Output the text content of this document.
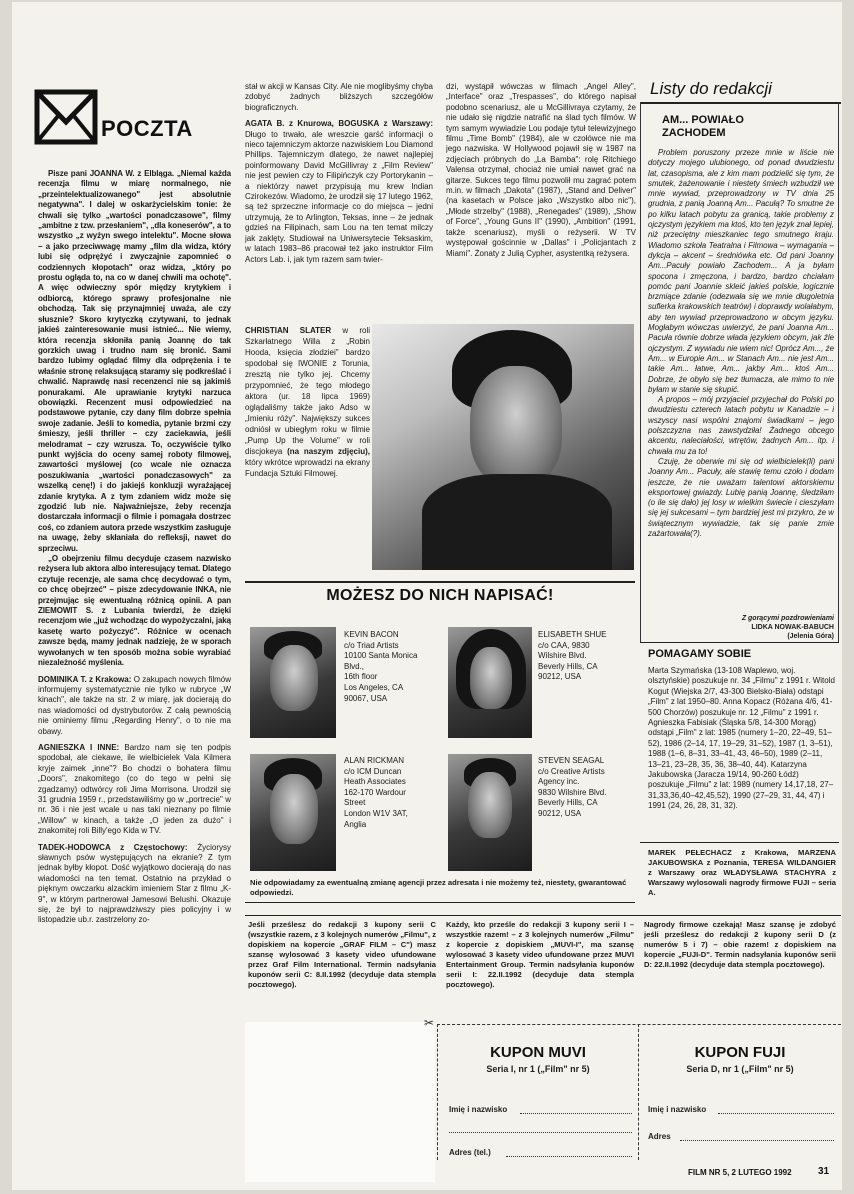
POCZTA
Pisze pani JOANNA W. z Elbląga. „Niemal każda recenzja filmu w miarę normalnego, nie „przeintelektualizowanego" jest absolutnie negatywna". I dalej w oskarżycielskim tonie: że chwali się tylko „wartości ponadczasowe", filmy „ambitne z tzw. przesłaniem", „dla koneserów", a to wszystko „z wyżyn swego intelektu". Mocne słowa – a jako przeciwwagę mamy „film dla widza, który lubi się odprężyć i zwyczajnie zapomnieć o codziennych kłopotach" oraz widza, „który po prostu ogląda to, na co w danej chwili ma ochotę". A więc odwieczny spór między krytykiem i odbiorcą, którego sprawy profesjonalne nie obchodzą. Tak się przynajmniej uważa, ale czy słusznie? Skoro krytyczką czytywani, to jednak jakieś zainteresowanie musi istnieć... Nie wiemy, która recenzja skłoniła panią Joannę do tak gorzkich uwag i trudno nam się bronić. Sami bardzo lubimy oglądać filmy dla odprężenia i te właśnie stronę relaksującą staramy się podkreślać i chwalić. Naprawdę nasi recenzenci nie są jakimiś ponurakami. Ale uprawianie krytyki narzuca obowiązki. Recenzent musi odpowiedzieć na podstawowe pytanie, czy dany film dobrze spełnia swoje zadanie. Jeśli to komedia, pytanie brzmi czy śmieszy, jeśli thriller – czy zaciekawia, jeśli melodramat – czy wzrusza. To, oczywiście tylko punkt wyjścia do oceny samej roboty filmowej, zawartości myślowej (co wcale nie oznacza poszukiwania „wartości ponadczasowych" za wszelką cenę!) i do jakiejś konkluzji wyrażającej zdanie krytyka. A z tym zdaniem widz może się zgodzić lub nie. Najważniejsze, żeby recenzja dostarczała informacji o filmie i pomagała dostrzec coś, co zdaniem autora przede wszystkim zasługuje na uwagę, żeby skłaniała do refleksji, nawet do sprzeciwu.
„O obejrzeniu filmu decyduje czasem nazwisko reżysera lub aktora albo interesujący temat. Dlatego czytuje recenzje, ale sama chcę decydować o tym, co chcę obejrzeć" – pisze zdecydowanie INKA, nie przejmując się ewentualną różnicą opinii. A pan ZIEMOWIT S. z Lubania twierdzi, że dzięki recenzjom wie „już wchodząc do wypożyczalni, jaką kasetę warto pożyczyć". Różnice w ocenach zawsze będą, mamy jednak nadzieję, że w sporach wywołanych w ten sposób można sobie wyrabiać niezależność myślenia.
DOMINIKA T. z Krakowa: O zakupach nowych filmów informujemy systematycznie nie tylko w rubryce „W kinach", ale także na str. 2 w miarę, jak docierają do nas wiadomości od dystrybutorów. Z całą pewnością nie ominiemy filmu „Regarding Henry", o to nie ma obawy.
AGNIESZKA I INNE: Bardzo nam się ten podpis spodobał, ale ciekawe, ile wielbicielek Vala Kilmera kryje zaimek „inne"? Bo chodzi o bohatera filmu „Doors", znakomitego (co do tego w pełni się zgadzamy) odtwórcy roli Jima Morrisona. Urodził się 31 grudnia 1959 r., przedstawiliśmy go w „portrecie" w nr. 36 i nie jest wcale u nas taki nieznany po filmie „Willow" w kinach, a także „O jeden za dużo" i znakomitej roli Billy'ego Kida w TV.
TADEK-HODOWCA z Częstochowy: Życiorysy sławnych psów występujących na ekranie? Z tym jednak byłby kłopot. Dość wyjątkowo docierają do nas wiadomości na ten temat. Ostatnio na przykład o pięknym owczarku alzackim imieniem Star z filmu „K-9", w którym partnerował Jamesowi Belushi. Okazuje się, że był to najprawdziwszy pies policyjny i w listopadzie ub.r. zastrzelony zo-
stał w akcji w Kansas City. Ale nie moglibyśmy chyba zdobyć żadnych bliższych szczegółów biograficznych.
AGATA B. z Knurowa, BOGUSKA z Warszawy: Długo to trwało, ale wreszcie garść informacji o nieco tajemniczym aktorze nazwiskiem Lou Diamond Phillips. Tajemniczym dlatego, że nawet najlepiej poinformowany David McGillivray z „Film Review" nie jest pewien czy to Filipińczyk czy Portorykanin – a niektórzy nawet przypisują mu krew Indian Czirokezów. Wiadomo, że urodził się 17 lutego 1962, są też sprzeczne informacje co do miejsca – jedni utrzymują, że to Arlington, Teksas, inne – że jednak gdzieś na Filipinach, sam Lou na ten temat milczy jak zaklęty. Studiował na Uniwersytecie Teksaskim, w latach 1983–86 pracował też jako instruktor Film Actors Lab. i, jak tym razem sam twier-
dzi, wystąpił wówczas w filmach „Angel Alley", „Interface" oraz „Trespasses", do którego napisał podobno scenariusz, ale u McGillivraya czytamy, że nie udało się nigdzie natrafić na ślad tych filmów. W tym samym wywiadzie Lou podaje tytuł telewizyjnego filmu „Time Bomb" (1984), ale w czołówce nie ma jego nazwiska. W Hollywood pojawił się w 1987 na zdjęciach próbnych do „La Bamba": rolę Ritchiego Valensa otrzymał, chociaż nie umiał nawet grać na gitarze. Sukces tego filmu pozwolił mu zagrać potem m.in. w filmach „Dakota" (1987), „Stand and Deliver" (na kasetach w Polsce jako „Wszystko albo nic"), „Młode strzelby" (1988), „Renegades" (1989), „Show of Force", „Young Guns II" (1990), „Ambition" (1991, także scenariusz), myśli o reżyserii. W TV występował gościnnie w „Dallas" i „Policjantach z Miami". Żonaty z Julią Cypher, asystentką reżysera.
CHRISTIAN SLATER w roli Szkarłatnego Willa z „Robin Hooda, księcia złodziei" bardzo spodobał się IWONIE z Torunia, zresztą nie tylko jej. Chcemy przypomnieć, że tego młodego aktora (ur. 18 lipca 1969) oglądaliśmy także jako Adso w „Imieniu róży". Największy sukces odniósł w ubiegłym roku w filmie „Pump Up the Volume" w roli discjokeya (na naszym zdjęciu), który wkrótce wprowadzi na ekrany Fundacja Sztuki Filmowej.
MOŻESZ DO NICH NAPISAĆ!
KEVIN BACON
c/o Triad Artists
10100 Santa Monica
Blvd.,
16th floor
Los Angeles, CA
90067, USA
ELISABETH SHUE
c/o CAA, 9830
Wilshire Blvd.
Beverly Hills, CA
90212, USA
ALAN RICKMAN
c/o ICM Duncan
Heath Associates
162-170 Wardour
Street
London W1V 3AT,
Anglia
STEVEN SEAGAL
c/o Creative Artists
Agency inc.
9830 Wilshire Blvd.
Beverly Hills, CA
90212, USA
Nie odpowiadamy za ewentualną zmianę agencji przez adresata i nie możemy też, niestety, gwarantować odpowiedzi.
Listy do redakcji
AM... POWIAŁO ZACHODEM
Problem poruszony przeze mnie w liście nie dotyczy mojego ulubionego, od ponad dwudziestu lat, czasopisma, ale z kim mam podzielić się tym, że smutek, żażenowanie i niestety śmiech wzbudził we mnie wywiad, przeprowadzony w TV dnia 25 grudnia, z panią Joanną Am... Pacułą? To smutne że po kilku latach pobytu za granicą, takie problemy z ojczystym językiem ma ktoś, kto ten język znał lepiej, niż przeciętny mieszkaniec tego smutnego kraju. Wiadomo szkoła Teatralna i Filmowa – wymagania – dykcja – akcent – średniówka etc. Od pani Joanny Am...Pacuły powiało Zachodem... A ja byłam spocona i zmęczona, i bardzo, bardzo chciałam pomóc pani Joannie skleić jakieś polskie, logicznie brzmiące zdanie (odezwała się we mnie długoletnia suflerka krakowskich teatrów) i doprawdy wolałabym, aby ten wywiad przeprowadzono w obcym języku. Mogłabym wówczas uwierzyć, że pani Joanna Am... Pacuła równie dobrze włada językiem obcym, jak źle ojczystym. Z wywiadu nie wiem nic! Oprócz Am..., że Am... w Europie Am... w Stanach Am... nie jest Am... takie Am... łatwe, Am... jakby Am... ktoś Am... Dobrze, że obyło się bez tłumacza, ale mimo to nie byłam w stanie się skupić.
A propos – mój przyjaciel przyjechał do Polski po dwudziestu czterech latach pobytu w Kanadzie – i wszyscy nasi wspólni znajomi świadkami – jego polszczyzna nas zawstydziła! Żadnego obcego akcentu, naleciałości, wtrętów, żadnych Am... itp. i chwała mu za to!
Czuję, że oberwie mi się od wielbicielek(li) pani Joanny Am... Pacuły, ale stawię temu czoło i dodam jeszcze, że nie uważam talentowi aktorskiemu eksportowej gwiazdy. Lubię panią Joannę, śledziłam (o ile się dało) jej losy w wielkim świecie i cieszyłam się jej sukcesami – tym bardziej jest mi przykro, że w świątecznym wywiadzie, tak się panie zmie zażartowała(?).
Z gorącymi pozdrowieniami
LIDKA NOWAK-BABUCH
(Jelenia Góra)
POMAGAMY SOBIE
Marta Szymańska (13-108 Waplewo, woj. olsztyńskie) poszukuje nr. 34 „Filmu" z 1991 r. Witold Kogut (Wiejska 2/7, 43-300 Bielsko-Biała) odstąpi „Film" z lat 1950–80. Anna Kopacz (Różana 4/6, 41-500 Chorzów) poszukuje nr. 12 „Filmu" z 1991 r. Agnieszka Fabisiak (Śląska 5/8, 14-300 Morąg) odstąpi „Film" z lat: 1985 (numery 1–20, 22–49, 51–52), 1986 (2–14, 17, 19–29, 31–52), 1987 (1, 3–51), 1988 (1–6, 8–31, 33–41, 43, 46–50), 1989 (2–11, 13–21, 23–28, 35, 36, 38–40, 44). Katarzyna Jakubowska (Jaracza 19/14, 90-260 Łódź) poszukuje „Filmu" z lat: 1989 (numery 14,17,18, 27–31,33,36,40–42,45,52), 1990 (27–29, 31, 44, 47) i 1991 (24, 26, 28, 31, 32).
MAREK PEŁECHACZ z Krakowa, MARZENA JAKUBOWSKA z Poznania, TERESA WILDANGIER z Warszawy oraz WŁADYSŁAWA STACHYRA z Warszawy wylosowali nagrody firmowe FUJI – seria A.
Jeśli prześlesz do redakcji 3 kupony serii C (wszystkie razem, z 3 kolejnych numerów „Filmu", z dopiskiem na kopercie „GRAF FILM – C") masz szansę wylosować 3 kasety video ufundowane przez Graf Film International. Termin nadsyłania kuponów serii C: 8.II.1992 (decyduje data stempla pocztowego).
Każdy, kto prześle do redakcji 3 kupony serii I – wszystkie razem! – z 3 kolejnych numerów „Filmu" z kopercie z dopiskiem „MUVI-I", ma szansę wylosować 3 kasety video ufundowane przez MUVI Entertainment Group. Termin nadsyłania kuponów serii I: 22.II.1992 (decyduje data stempla pocztowego).
Nagrody firmowe czekają! Masz szansę je zdobyć jeśli prześlesz do redakcji 2 kupony serii D (z numerów 5 i 7) – obie razem! z dopiskiem na kopercie „FUJI-D". Termin nadsyłania kuponów serii D: 22.II.1992 (decyduje data stempla pocztowego).
✂
KUPON MUVI
Seria I, nr 1 („Film" nr 5)
Imię i nazwisko
Adres (tel.)
KUPON FUJI
Seria D, nr 1 („Film" nr 5)
Imię i nazwisko
Adres
FILM NR 5, 2 LUTEGO 1992	31
